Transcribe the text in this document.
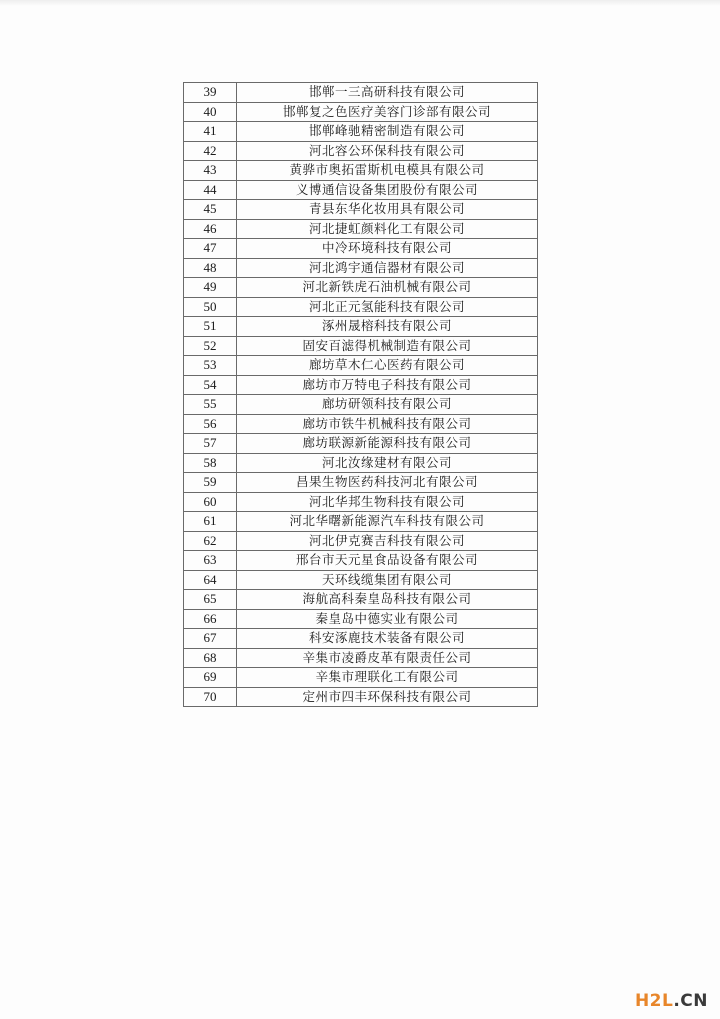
39	邯郸一三高研科技有限公司
40	邯郸复之色医疗美容门诊部有限公司
41	邯郸峰驰精密制造有限公司
42	河北容公环保科技有限公司
43	黄骅市奥拓雷斯机电模具有限公司
44	义博通信设备集团股份有限公司
45	青县东华化妆用具有限公司
46	河北捷虹颜料化工有限公司
47	中冷环境科技有限公司
48	河北鸿宇通信器材有限公司
49	河北新铁虎石油机械有限公司
50	河北正元氢能科技有限公司
51	涿州晟榕科技有限公司
52	固安百滤得机械制造有限公司
53	廊坊草木仁心医药有限公司
54	廊坊市万特电子科技有限公司
55	廊坊研领科技有限公司
56	廊坊市铁牛机械科技有限公司
57	廊坊联源新能源科技有限公司
58	河北汝缘建材有限公司
59	昌果生物医药科技河北有限公司
60	河北华邦生物科技有限公司
61	河北华曙新能源汽车科技有限公司
62	河北伊克赛吉科技有限公司
63	邢台市天元星食品设备有限公司
64	天环线缆集团有限公司
65	海航高科秦皇岛科技有限公司
66	秦皇岛中德实业有限公司
67	科安涿鹿技术装备有限公司
68	辛集市凌爵皮革有限责任公司
69	辛集市理联化工有限公司
70	定州市四丰环保科技有限公司
H2L.CN
